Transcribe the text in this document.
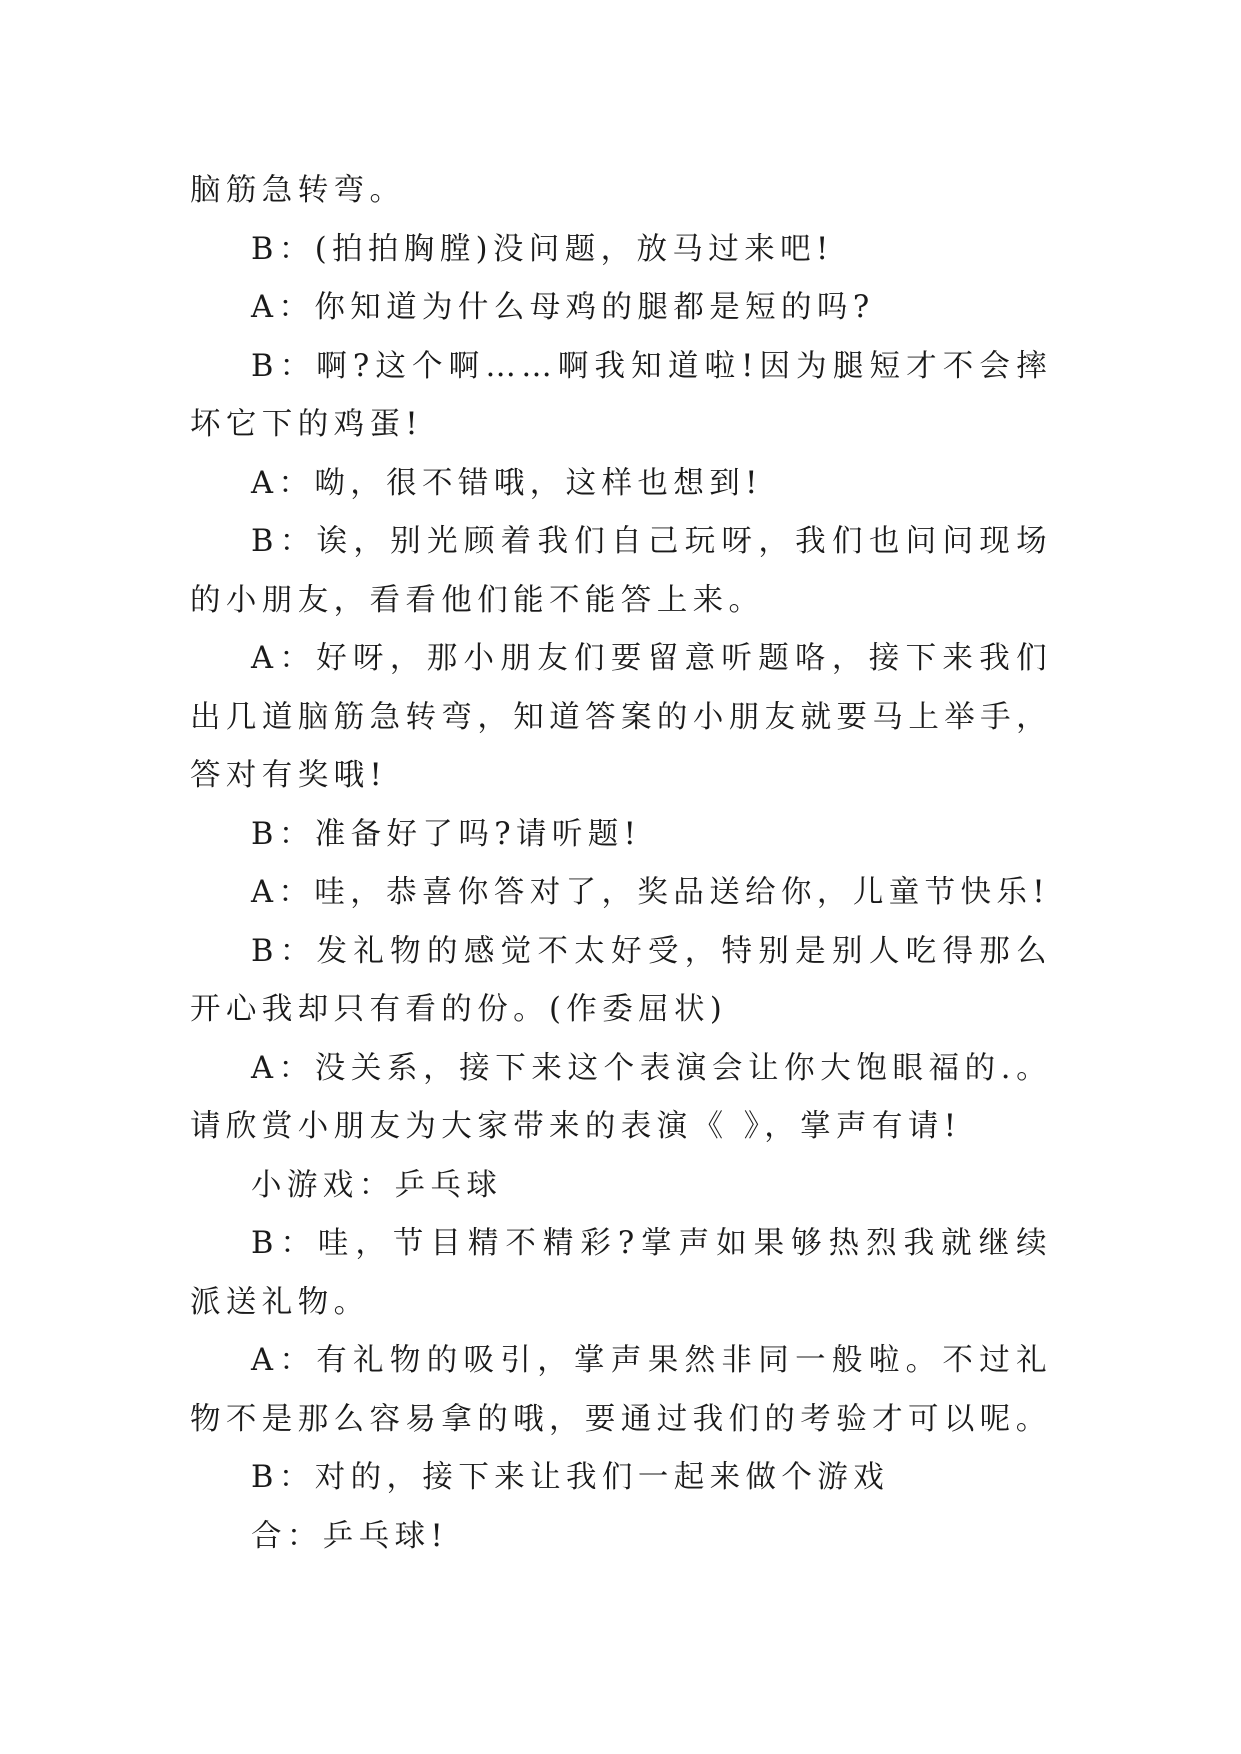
脑筋急转弯。

B：(拍拍胸膛)没问题，放马过来吧!

A：你知道为什么母鸡的腿都是短的吗?

B：啊?这个啊……啊我知道啦!因为腿短才不会摔坏它下的鸡蛋!

A：呦，很不错哦，这样也想到!

B：诶，别光顾着我们自己玩呀，我们也问问现场的小朋友，看看他们能不能答上来。

A：好呀，那小朋友们要留意听题咯，接下来我们出几道脑筋急转弯，知道答案的小朋友就要马上举手，答对有奖哦!

B：准备好了吗?请听题!

A：哇，恭喜你答对了，奖品送给你，儿童节快乐!

B：发礼物的感觉不太好受，特别是别人吃得那么开心我却只有看的份。(作委屈状)

A：没关系，接下来这个表演会让你大饱眼福的.。请欣赏小朋友为大家带来的表演《 》，掌声有请!

小游戏：乒乓球

B：哇，节目精不精彩?掌声如果够热烈我就继续派送礼物。

A：有礼物的吸引，掌声果然非同一般啦。不过礼物不是那么容易拿的哦，要通过我们的考验才可以呢。

B：对的，接下来让我们一起来做个游戏

合：乒乓球!
